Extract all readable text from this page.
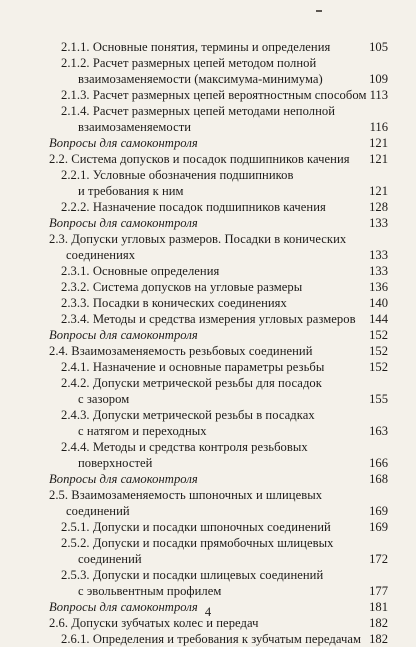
2.1.1. Основные понятия, термины и определения	105
2.1.2. Расчет размерных цепей методом полной
взаимозаменяемости (максимума-минимума)	109
2.1.3. Расчет размерных цепей вероятностным способом 113
2.1.4. Расчет размерных цепей методами неполной
взаимозаменяемости	116
Вопросы для самоконтроля	121
2.2. Система допусков и посадок подшипников качения	121
2.2.1. Условные обозначения подшипников
и требования к ним	121
2.2.2. Назначение посадок подшипников качения	128
Вопросы для самоконтроля	133
2.3. Допуски угловых размеров. Посадки в конических
соединениях	133
2.3.1. Основные определения	133
2.3.2. Система допусков на угловые размеры	136
2.3.3. Посадки в конических соединениях	140
2.3.4. Методы и средства измерения угловых размеров	144
Вопросы для самоконтроля	152
2.4. Взаимозаменяемость резьбовых соединений	152
2.4.1. Назначение и основные параметры резьбы	152
2.4.2. Допуски метрической резьбы для посадок
с зазором	155
2.4.3. Допуски метрической резьбы в посадках
с натягом и переходных	163
2.4.4. Методы и средства контроля резьбовых
поверхностей	166
Вопросы для самоконтроля	168
2.5. Взаимозаменяемость шпоночных и шлицевых
соединений	169
2.5.1. Допуски и посадки шпоночных соединений	169
2.5.2. Допуски и посадки прямобочных шлицевых
соединений	172
2.5.3. Допуски и посадки шлицевых соединений
с эвольвентным профилем	177
Вопросы для самоконтроля	181
2.6. Допуски зубчатых колес и передач	182
2.6.1. Определения и требования к зубчатым передачам 182
4
